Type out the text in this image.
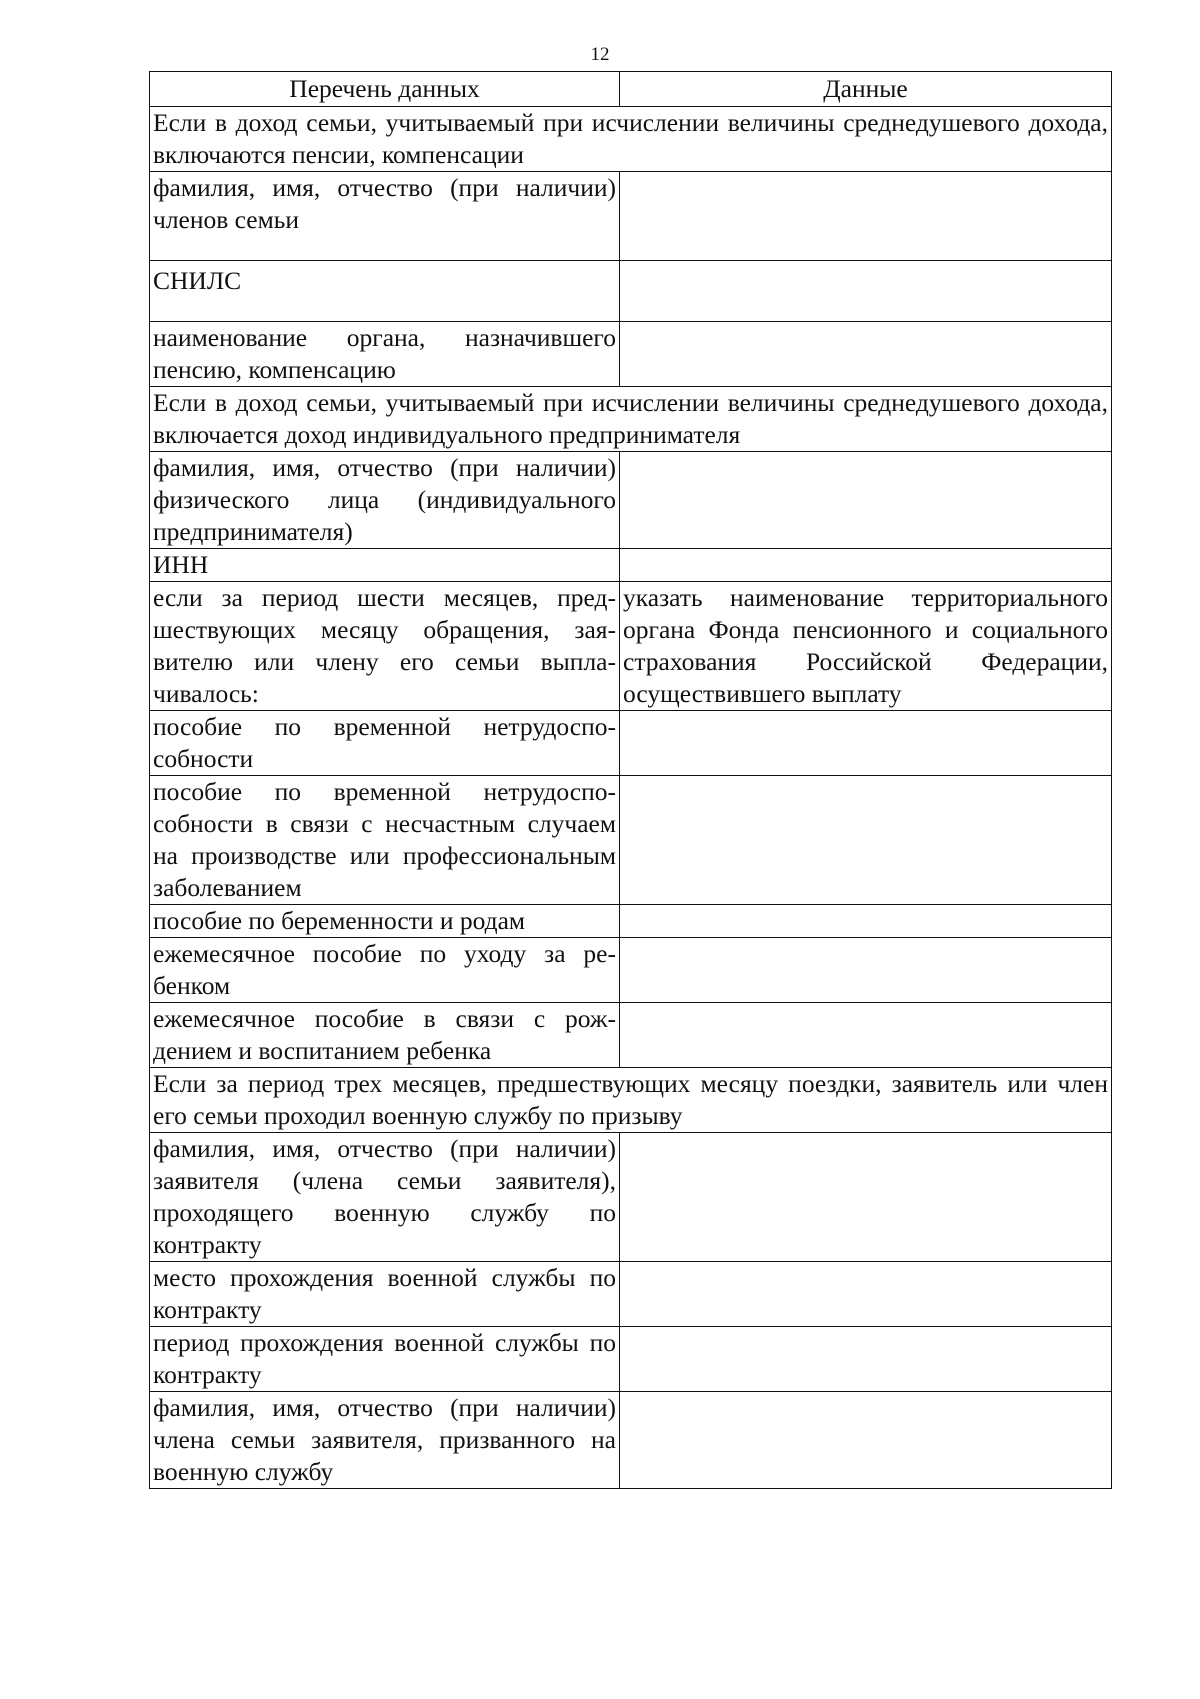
12
Перечень данных	Данные
Если в доход семьи, учитываемый при исчислении величины среднедушевого дохода, включаются пенсии, компенсации	
фамилия, имя, отчество (при наличии) членов семьи	
СНИЛС	
наименование органа, назначившего пенсию, компенсацию	
Если в доход семьи, учитываемый при исчислении величины среднедушевого дохода, включается доход индивидуального предпринимателя	
фамилия, имя, отчество (при наличии) физического лица (индивидуального предпринимателя)	
ИНН	
если за период шести месяцев, предшествующих месяцу обращения, заявителю или члену его семьи выплачивалось:	указать наименование территориального органа Фонда пенсионного и социального страхования Российской Федерации, осуществившего выплату
пособие по временной нетрудоспособности	
пособие по временной нетрудоспособности в связи с несчастным случаем на производстве или профессиональным заболеванием	
пособие по беременности и родам	
ежемесячное пособие по уходу за ребенком	
ежемесячное пособие в связи с рождением и воспитанием ребенка	
Если за период трех месяцев, предшествующих месяцу поездки, заявитель или член его семьи проходил военную службу по призыву	
фамилия, имя, отчество (при наличии) заявителя (члена семьи заявителя), проходящего военную службу по контракту	
место прохождения военной службы по контракту	
период прохождения военной службы по контракту	
фамилия, имя, отчество (при наличии) члена семьи заявителя, призванного на военную службу	
